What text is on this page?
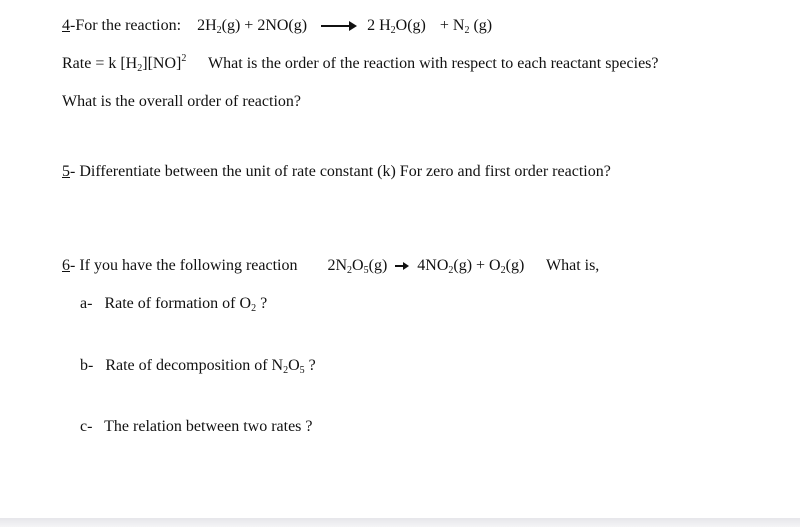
4-For the reaction: $2H_2(g) + 2NO(g)$	2 $H_2O(g) + N_2$ (g)
Rate = k $[H_2][NO]^2$ What is the order of the reaction with respect to each reactant species?
What is the overall order of reaction?
5- Differentiate between the unit of rate constant (k) For zero and first order reaction?
6- If you have the following reaction $2N_2O_5(g) 4NO_2(g) + O_2(g)$ What is,
a- Rate of formation of $O_2$ ?
b- Rate of decomposition of $N_2O_5$ ?
c- The relation between two rates ?
